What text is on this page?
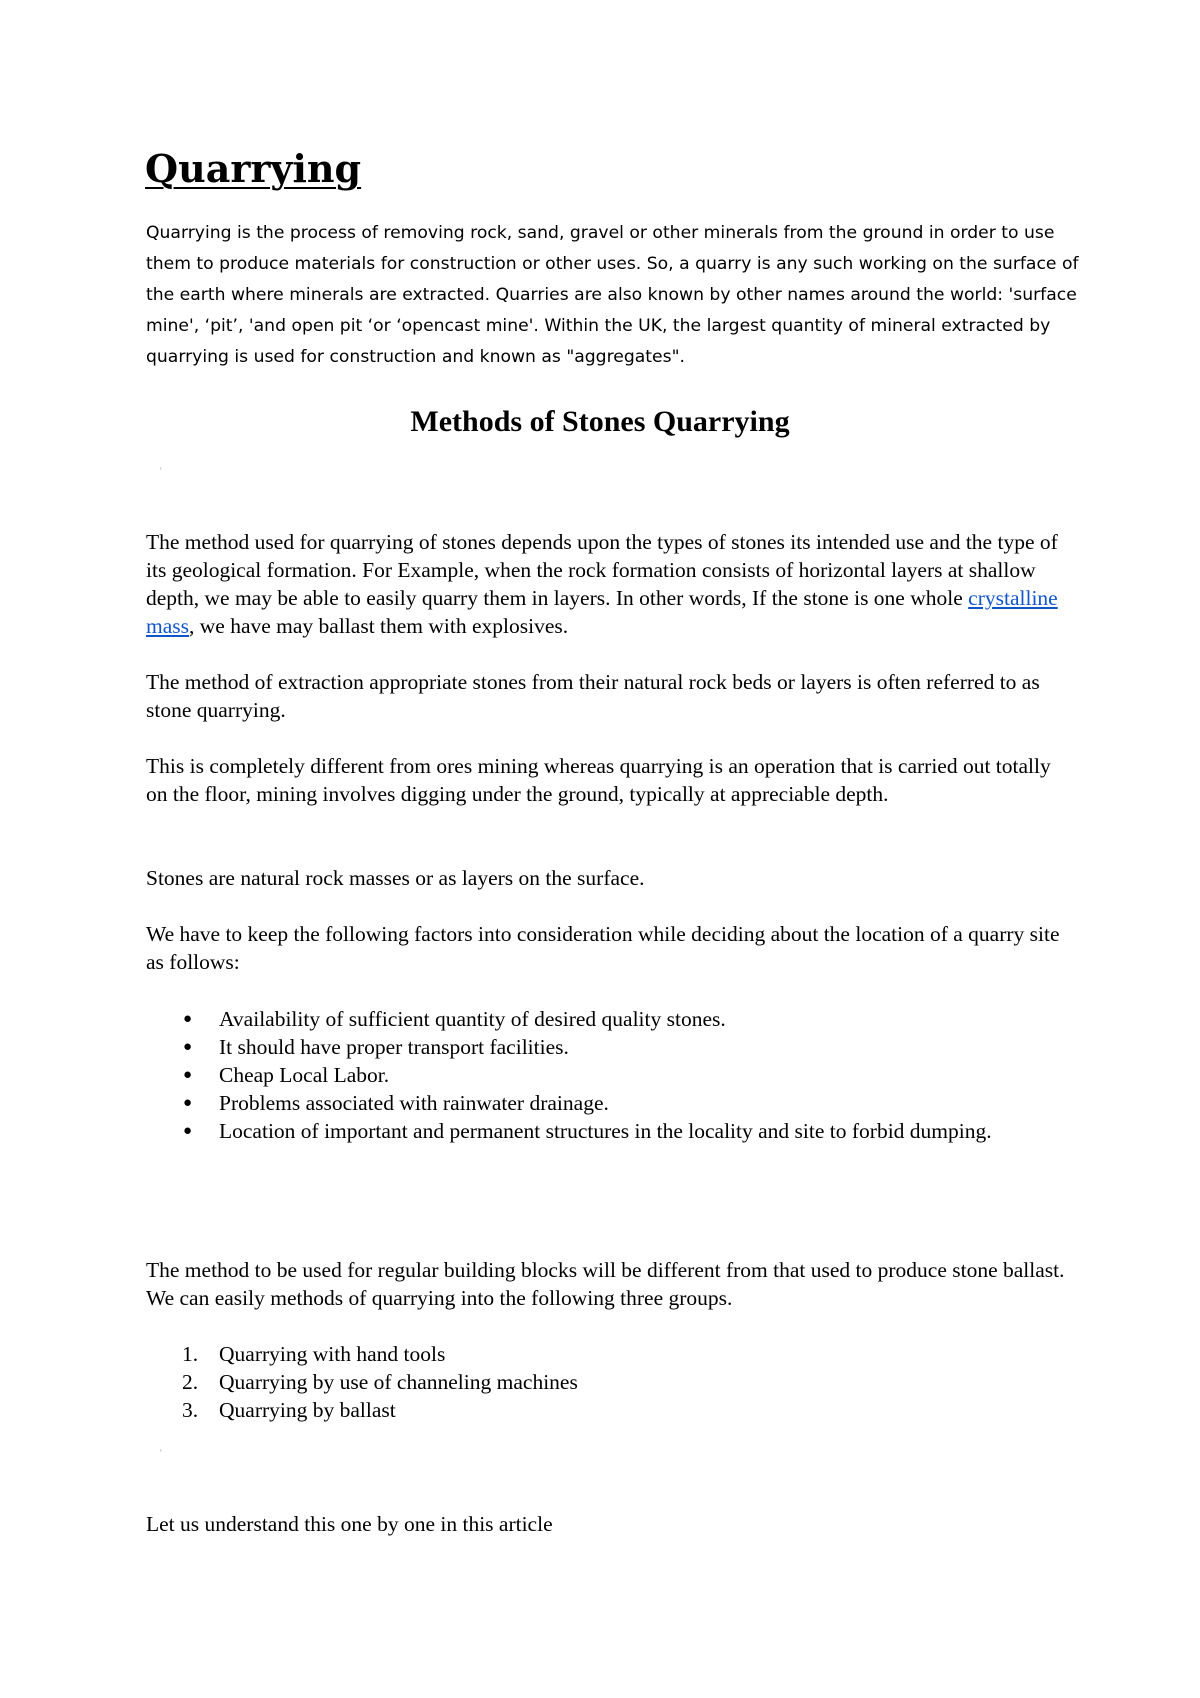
Quarrying

Quarrying is the process of removing rock, sand, gravel or other minerals from the ground in order to use them to produce materials for construction or other uses. So, a quarry is any such working on the surface of the earth where minerals are extracted. Quarries are also known by other names around the world: 'surface mine', ‘pit’, 'and open pit ‘or ‘opencast mine'. Within the UK, the largest quantity of mineral extracted by quarrying is used for construction and known as "aggregates".

Methods of Stones Quarrying
'

The method used for quarrying of stones depends upon the types of stones its intended use and the type of its geological formation. For Example, when the rock formation consists of horizontal layers at shallow depth, we may be able to easily quarry them in layers. In other words, If the stone is one whole crystalline mass, we have may ballast them with explosives.

The method of extraction appropriate stones from their natural rock beds or layers is often referred to as stone quarrying.

This is completely different from ores mining whereas quarrying is an operation that is carried out totally on the floor, mining involves digging under the ground, typically at appreciable depth.

Stones are natural rock masses or as layers on the surface.

We have to keep the following factors into consideration while deciding about the location of a quarry site as follows:

● Availability of sufficient quantity of desired quality stones.
● It should have proper transport facilities.
● Cheap Local Labor.
● Problems associated with rainwater drainage.
● Location of important and permanent structures in the locality and site to forbid dumping.

The method to be used for regular building blocks will be different from that used to produce stone ballast. We can easily methods of quarrying into the following three groups.

1. Quarrying with hand tools
2. Quarrying by use of channeling machines
3. Quarrying by ballast
'

Let us understand this one by one in this article
